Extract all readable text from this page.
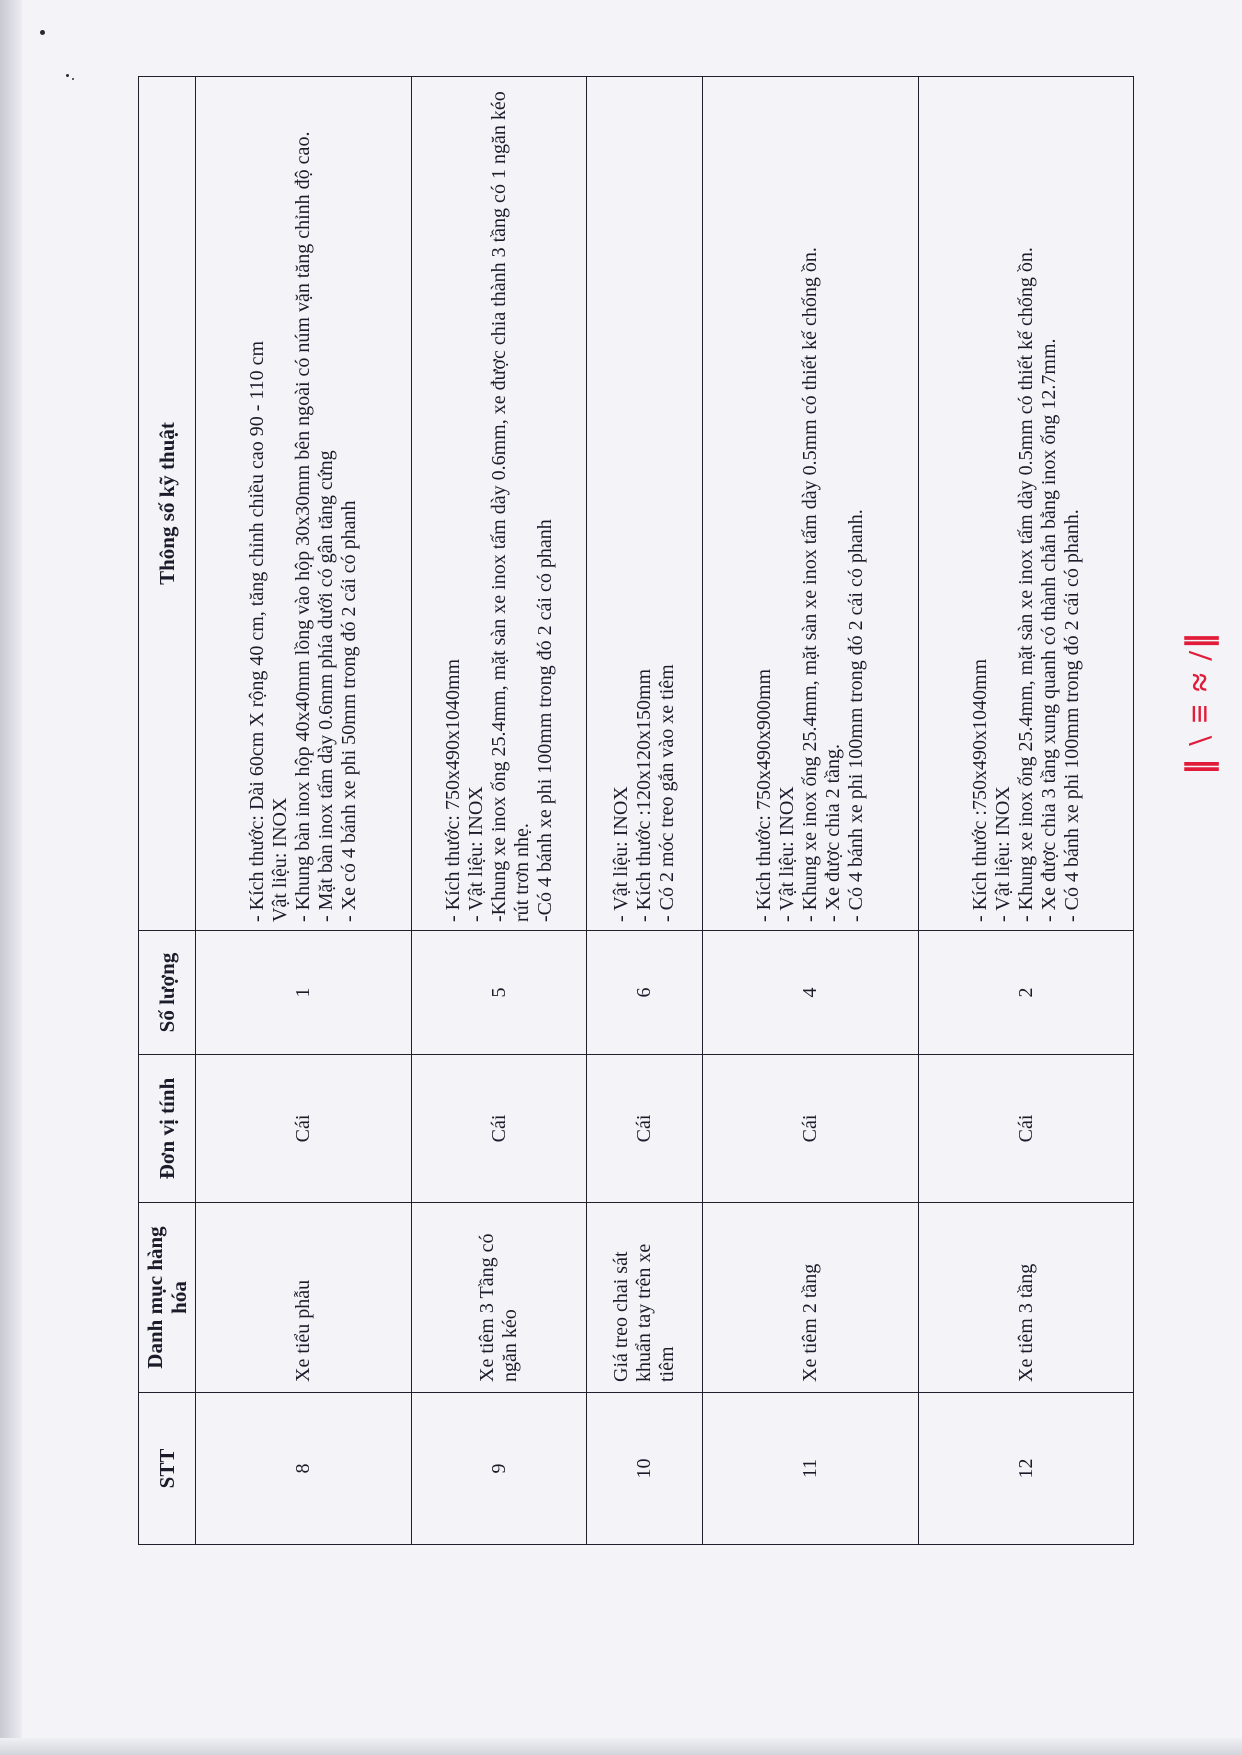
∥ \ ≡ ≈ /∥
STT	Danh mục hàng hóa	Đơn vị tính	Số lượng	Thông số kỹ thuật
8	Xe tiểu phẫu	Cái	1	- Kích thước: Dài 60cm X rộng 40 cm, tăng chỉnh chiều cao 90 - 110 cm Vật liệu: INOX - Khung bàn inox hộp 40x40mm lồng vào hộp 30x30mm bên ngoài có núm vặn tăng chỉnh độ cao. - Mặt bàn inox tấm dày 0.6mm phía dưới có gân tăng cứng - Xe có 4 bánh xe phi 50mm trong đó 2 cái có phanh

9	Xe tiêm 3 Tầng có ngăn kéo	Cái	5	- Kích thước: 750x490x1040mm - Vật liệu: INOX -Khung xe inox ống 25.4mm, mặt sàn xe inox tấm dày 0.6mm, xe được chia thành 3 tầng có 1 ngăn kéo rút trơn nhẹ. -Có 4 bánh xe phi 100mm trong đó 2 cái có phanh

10	Giá treo chai sát khuẩn tay trên xe tiêm	Cái	6	- Vật liệu: INOX - Kích thước :120x120x150mm - Có 2 móc treo gắn vào xe tiêm

11	Xe tiêm 2 tầng	Cái	4	- Kích thước: 750x490x900mm - Vật liệu: INOX - Khung xe inox ống 25.4mm, mặt sàn xe inox tấm dày 0.5mm có thiết kế chống ồn. - Xe được chia 2 tầng. - Có 4 bánh xe phi 100mm trong đó 2 cái có phanh.

12	Xe tiêm 3 tầng	Cái	2	- Kích thước :750x490x1040mm - Vật liệu: INOX - Khung xe inox ống 25.4mm, mặt sàn xe inox tấm dày 0.5mm có thiết kế chống ồn. - Xe được chia 3 tầng xung quanh có thành chắn bằng inox ống 12.7mm. - Có 4 bánh xe phi 100mm trong đó 2 cái có phanh.
